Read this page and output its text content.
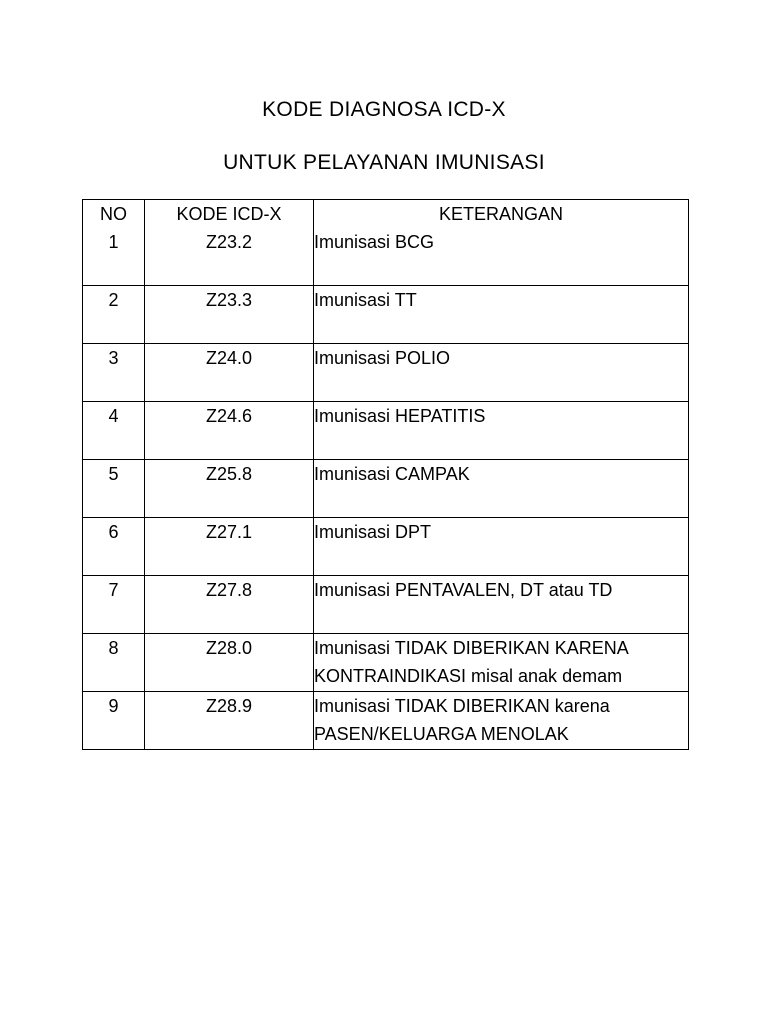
KODE DIAGNOSA ICD-X
UNTUK PELAYANAN IMUNISASI
NO	KODE ICD-X	KETERANGAN
1	Z23.2	Imunisasi BCG
2	Z23.3	Imunisasi TT
3	Z24.0	Imunisasi POLIO
4	Z24.6	Imunisasi HEPATITIS
5	Z25.8	Imunisasi CAMPAK
6	Z27.1	Imunisasi DPT
7	Z27.8	Imunisasi PENTAVALEN, DT atau TD
8	Z28.0	Imunisasi TIDAK DIBERIKAN KARENA KONTRAINDIKASI misal anak demam
9	Z28.9	Imunisasi TIDAK DIBERIKAN karena PASEN/KELUARGA MENOLAK
